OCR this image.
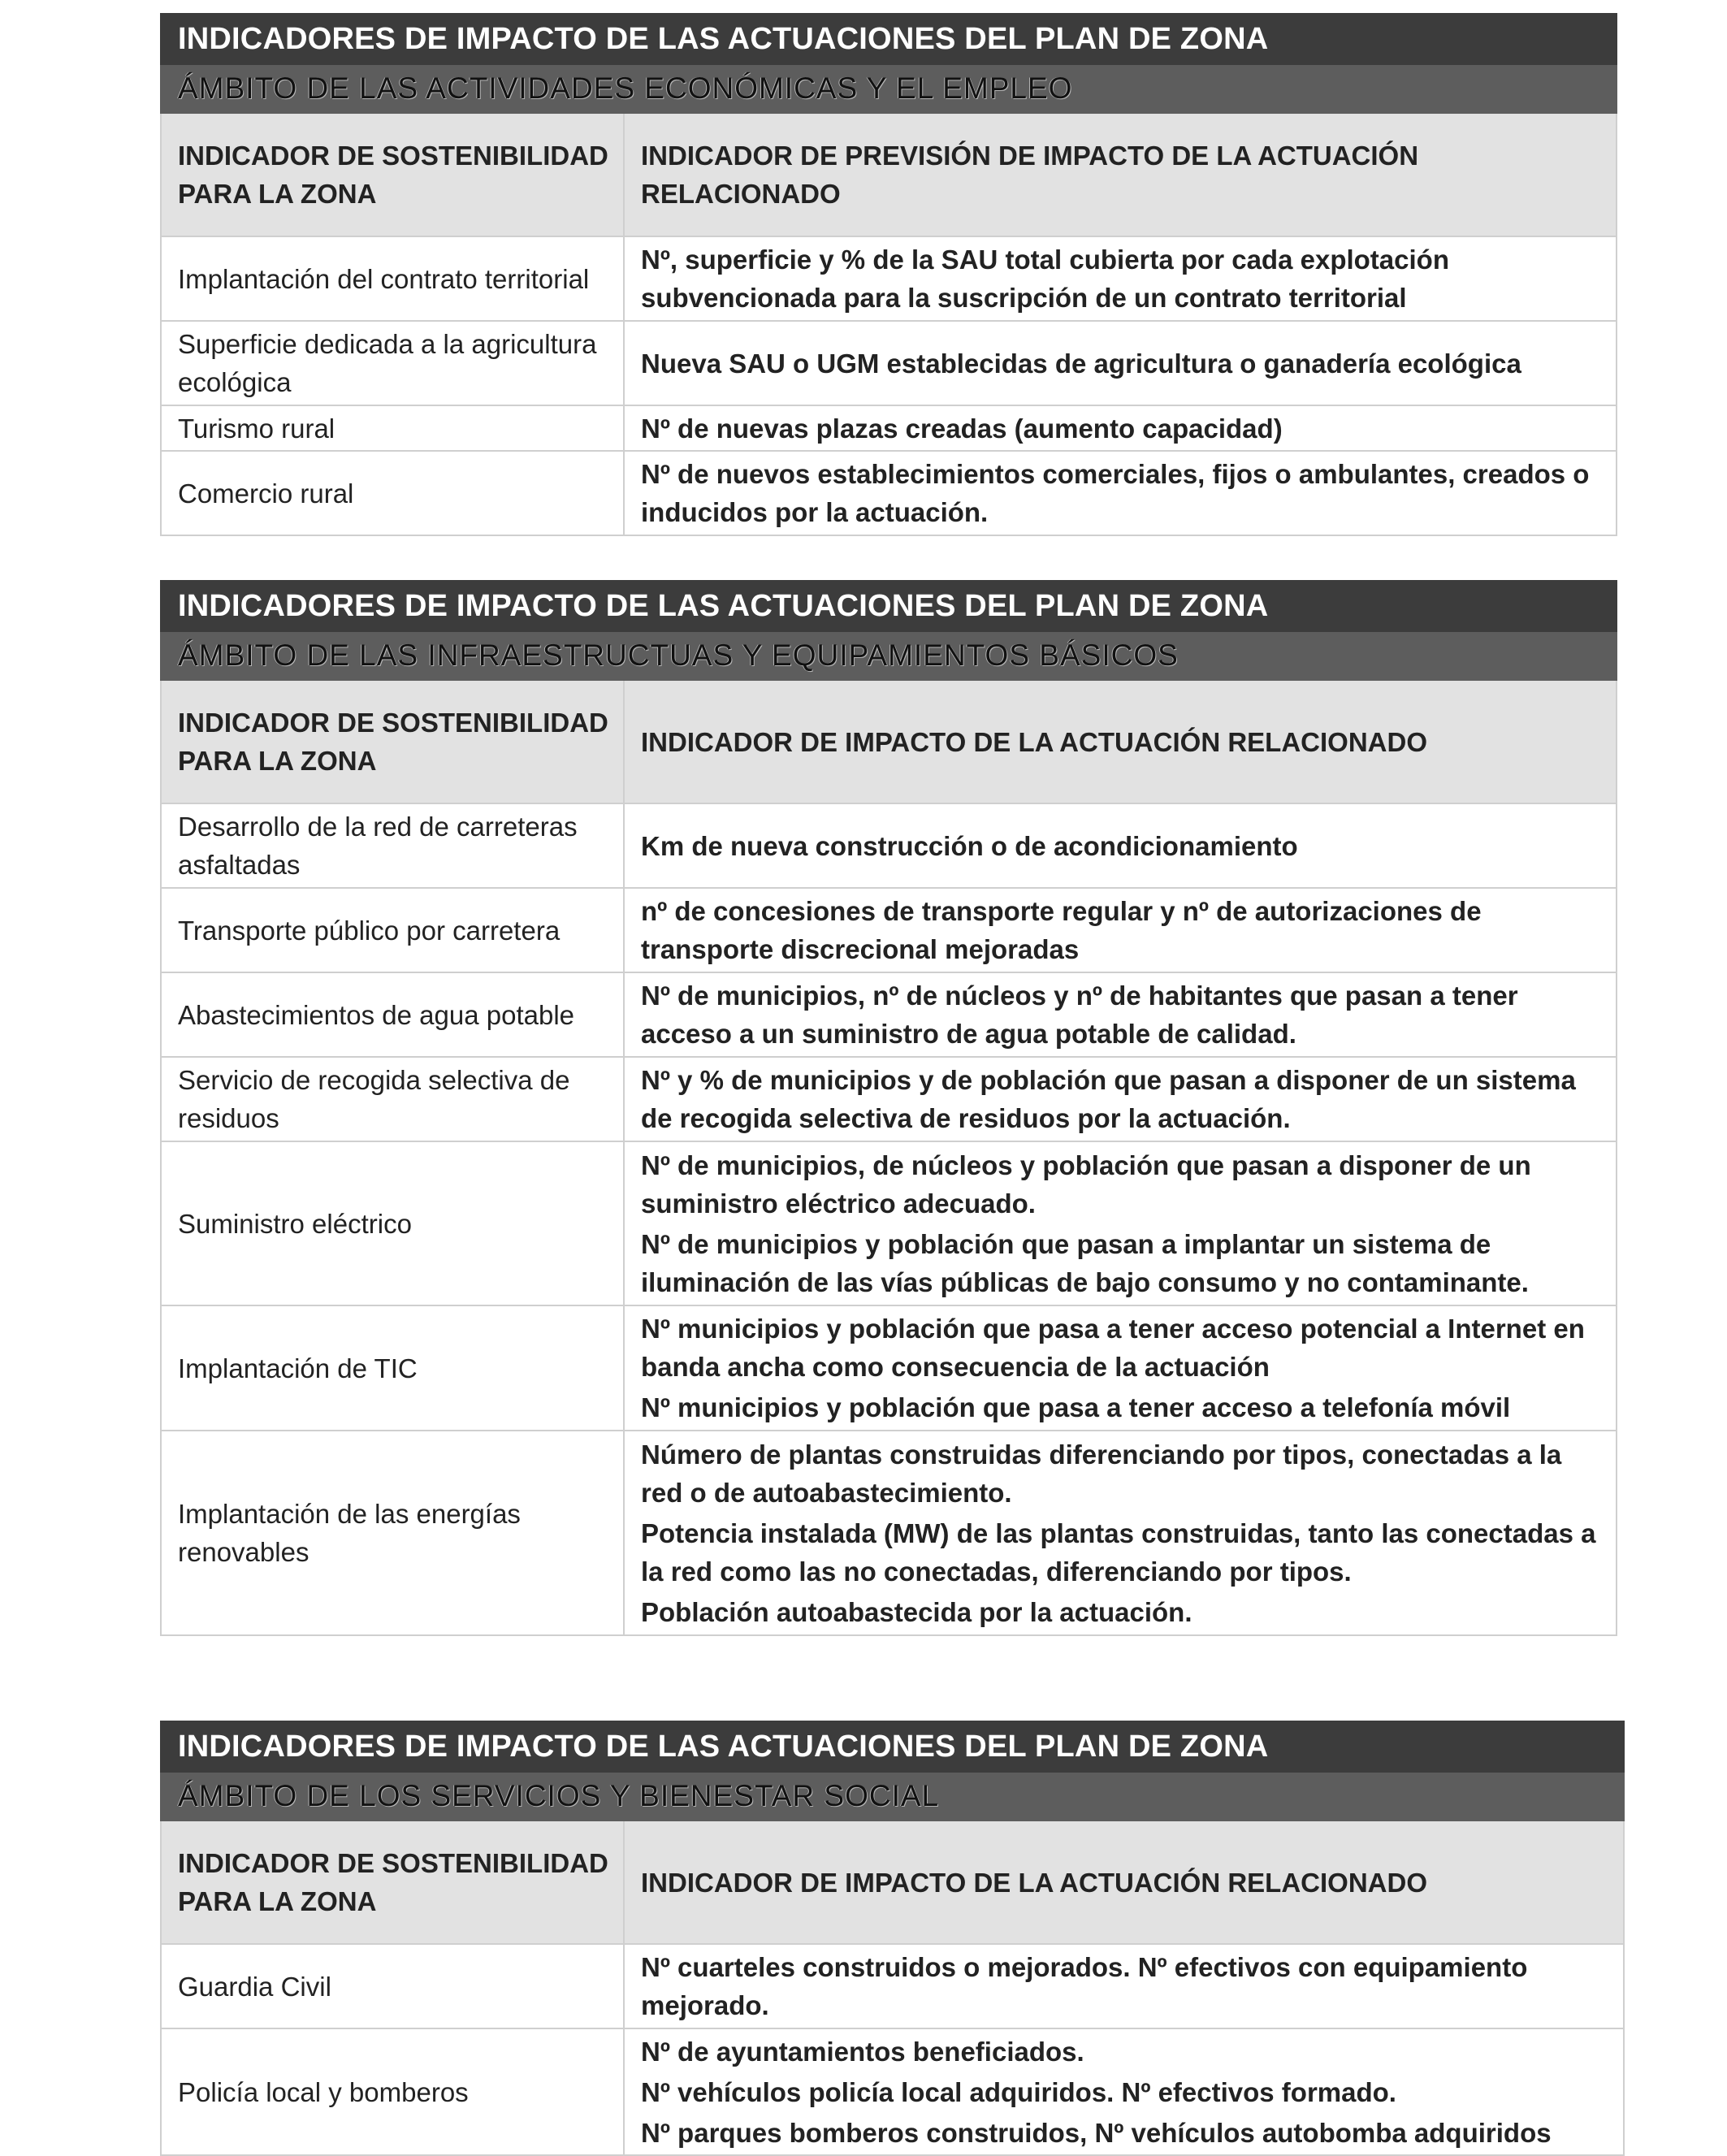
INDICADORES DE IMPACTO DE LAS ACTUACIONES DEL PLAN DE ZONA	
ÁMBITO DE LAS ACTIVIDADES ECONÓMICAS Y EL EMPLEO	
INDICADOR DE SOSTENIBILIDAD PARA LA ZONA	INDICADOR DE PREVISIÓN DE IMPACTO DE LA ACTUACIÓN RELACIONADO
Implantación del contrato territorial	Nº, superficie y % de la SAU total cubierta por cada explotación subvencionada para la suscripción de un contrato territorial

Superficie dedicada a la agricultura ecológica	Nueva SAU o UGM establecidas de agricultura o ganadería ecológica

Turismo rural	Nº de nuevas plazas creadas (aumento capacidad)

Comercio rural	Nº de nuevos establecimientos comerciales, fijos o ambulantes, creados o inducidos por la actuación.
INDICADORES DE IMPACTO DE LAS ACTUACIONES DEL PLAN DE ZONA	
ÁMBITO DE LAS INFRAESTRUCTUAS Y EQUIPAMIENTOS BÁSICOS	
INDICADOR DE SOSTENIBILIDAD PARA LA ZONA	INDICADOR DE IMPACTO DE LA ACTUACIÓN RELACIONADO
Desarrollo de la red de carreteras asfaltadas	Km de nueva construcción o de acondicionamiento

Transporte público por carretera	nº de concesiones de transporte regular y nº de autorizaciones de transporte discrecional mejoradas

Abastecimientos de agua potable	Nº de municipios, nº de núcleos y nº de habitantes que pasan a tener acceso a un suministro de agua potable de calidad.

Servicio de recogida selectiva de residuos	Nº y % de municipios y de población que pasan a disponer de un sistema de recogida selectiva de residuos por la actuación.

Suministro eléctrico	Nº de municipios, de núcleos y población que pasan a disponer de un suministro eléctrico adecuado.
Nº de municipios y población que pasan a implantar un sistema de iluminación de las vías públicas de bajo consumo y no contaminante.

Implantación de TIC	Nº municipios y población que pasa a tener acceso potencial a Internet en banda ancha como consecuencia de la actuación
Nº municipios y población que pasa a tener acceso a telefonía móvil

Implantación de las energías renovables	Número de plantas construidas diferenciando por tipos, conectadas a la red o de autoabastecimiento.
Potencia instalada (MW) de las plantas construidas, tanto las conectadas a la red como las no conectadas, diferenciando por tipos.
Población autoabastecida por la actuación.
INDICADORES DE IMPACTO DE LAS ACTUACIONES DEL PLAN DE ZONA	
ÁMBITO DE LOS SERVICIOS Y BIENESTAR SOCIAL	
INDICADOR DE SOSTENIBILIDAD PARA LA ZONA	INDICADOR DE IMPACTO DE LA ACTUACIÓN RELACIONADO
Guardia Civil	Nº cuarteles construidos o mejorados. Nº efectivos con equipamiento mejorado.

Policía local y bomberos	Nº de ayuntamientos beneficiados.
Nº vehículos policía local adquiridos. Nº efectivos formado.
Nº parques bomberos construidos, Nº vehículos autobomba adquiridos
